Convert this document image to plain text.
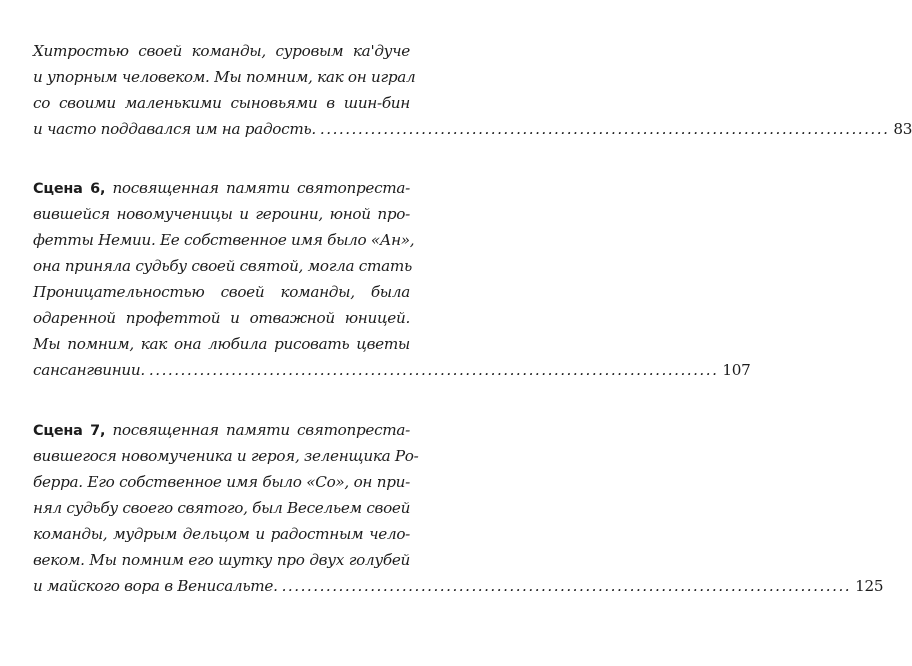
Хитростью своей команды, суровым ка'дуче
и упорным человеком. Мы помним, как он играл
со своими маленькими сыновьями в шин-бин
и часто поддавался им на радость. .......................................................................................... 83
Сцена 6, посвященная памяти святопреста-
вившейся новомученицы и героини, юной про-
фетты Немии. Ее собственное имя было «Ан»,
она приняла судьбу своей святой, могла стать
Проницательностью своей команды, была
одаренной профеттой и отважной юницей.
Мы помним, как она любила рисовать цветы
сансангвинии. .......................................................................................... 107
Сцена 7, посвященная памяти святопреста-
вившегося новомученика и героя, зеленщика Ро-
берра. Его собственное имя было «Со», он при-
нял судьбу своего святого, был Весельем своей
команды, мудрым дельцом и радостным чело-
веком. Мы помним его шутку про двух голубей
и майского вора в Венисальте. .......................................................................................... 125
